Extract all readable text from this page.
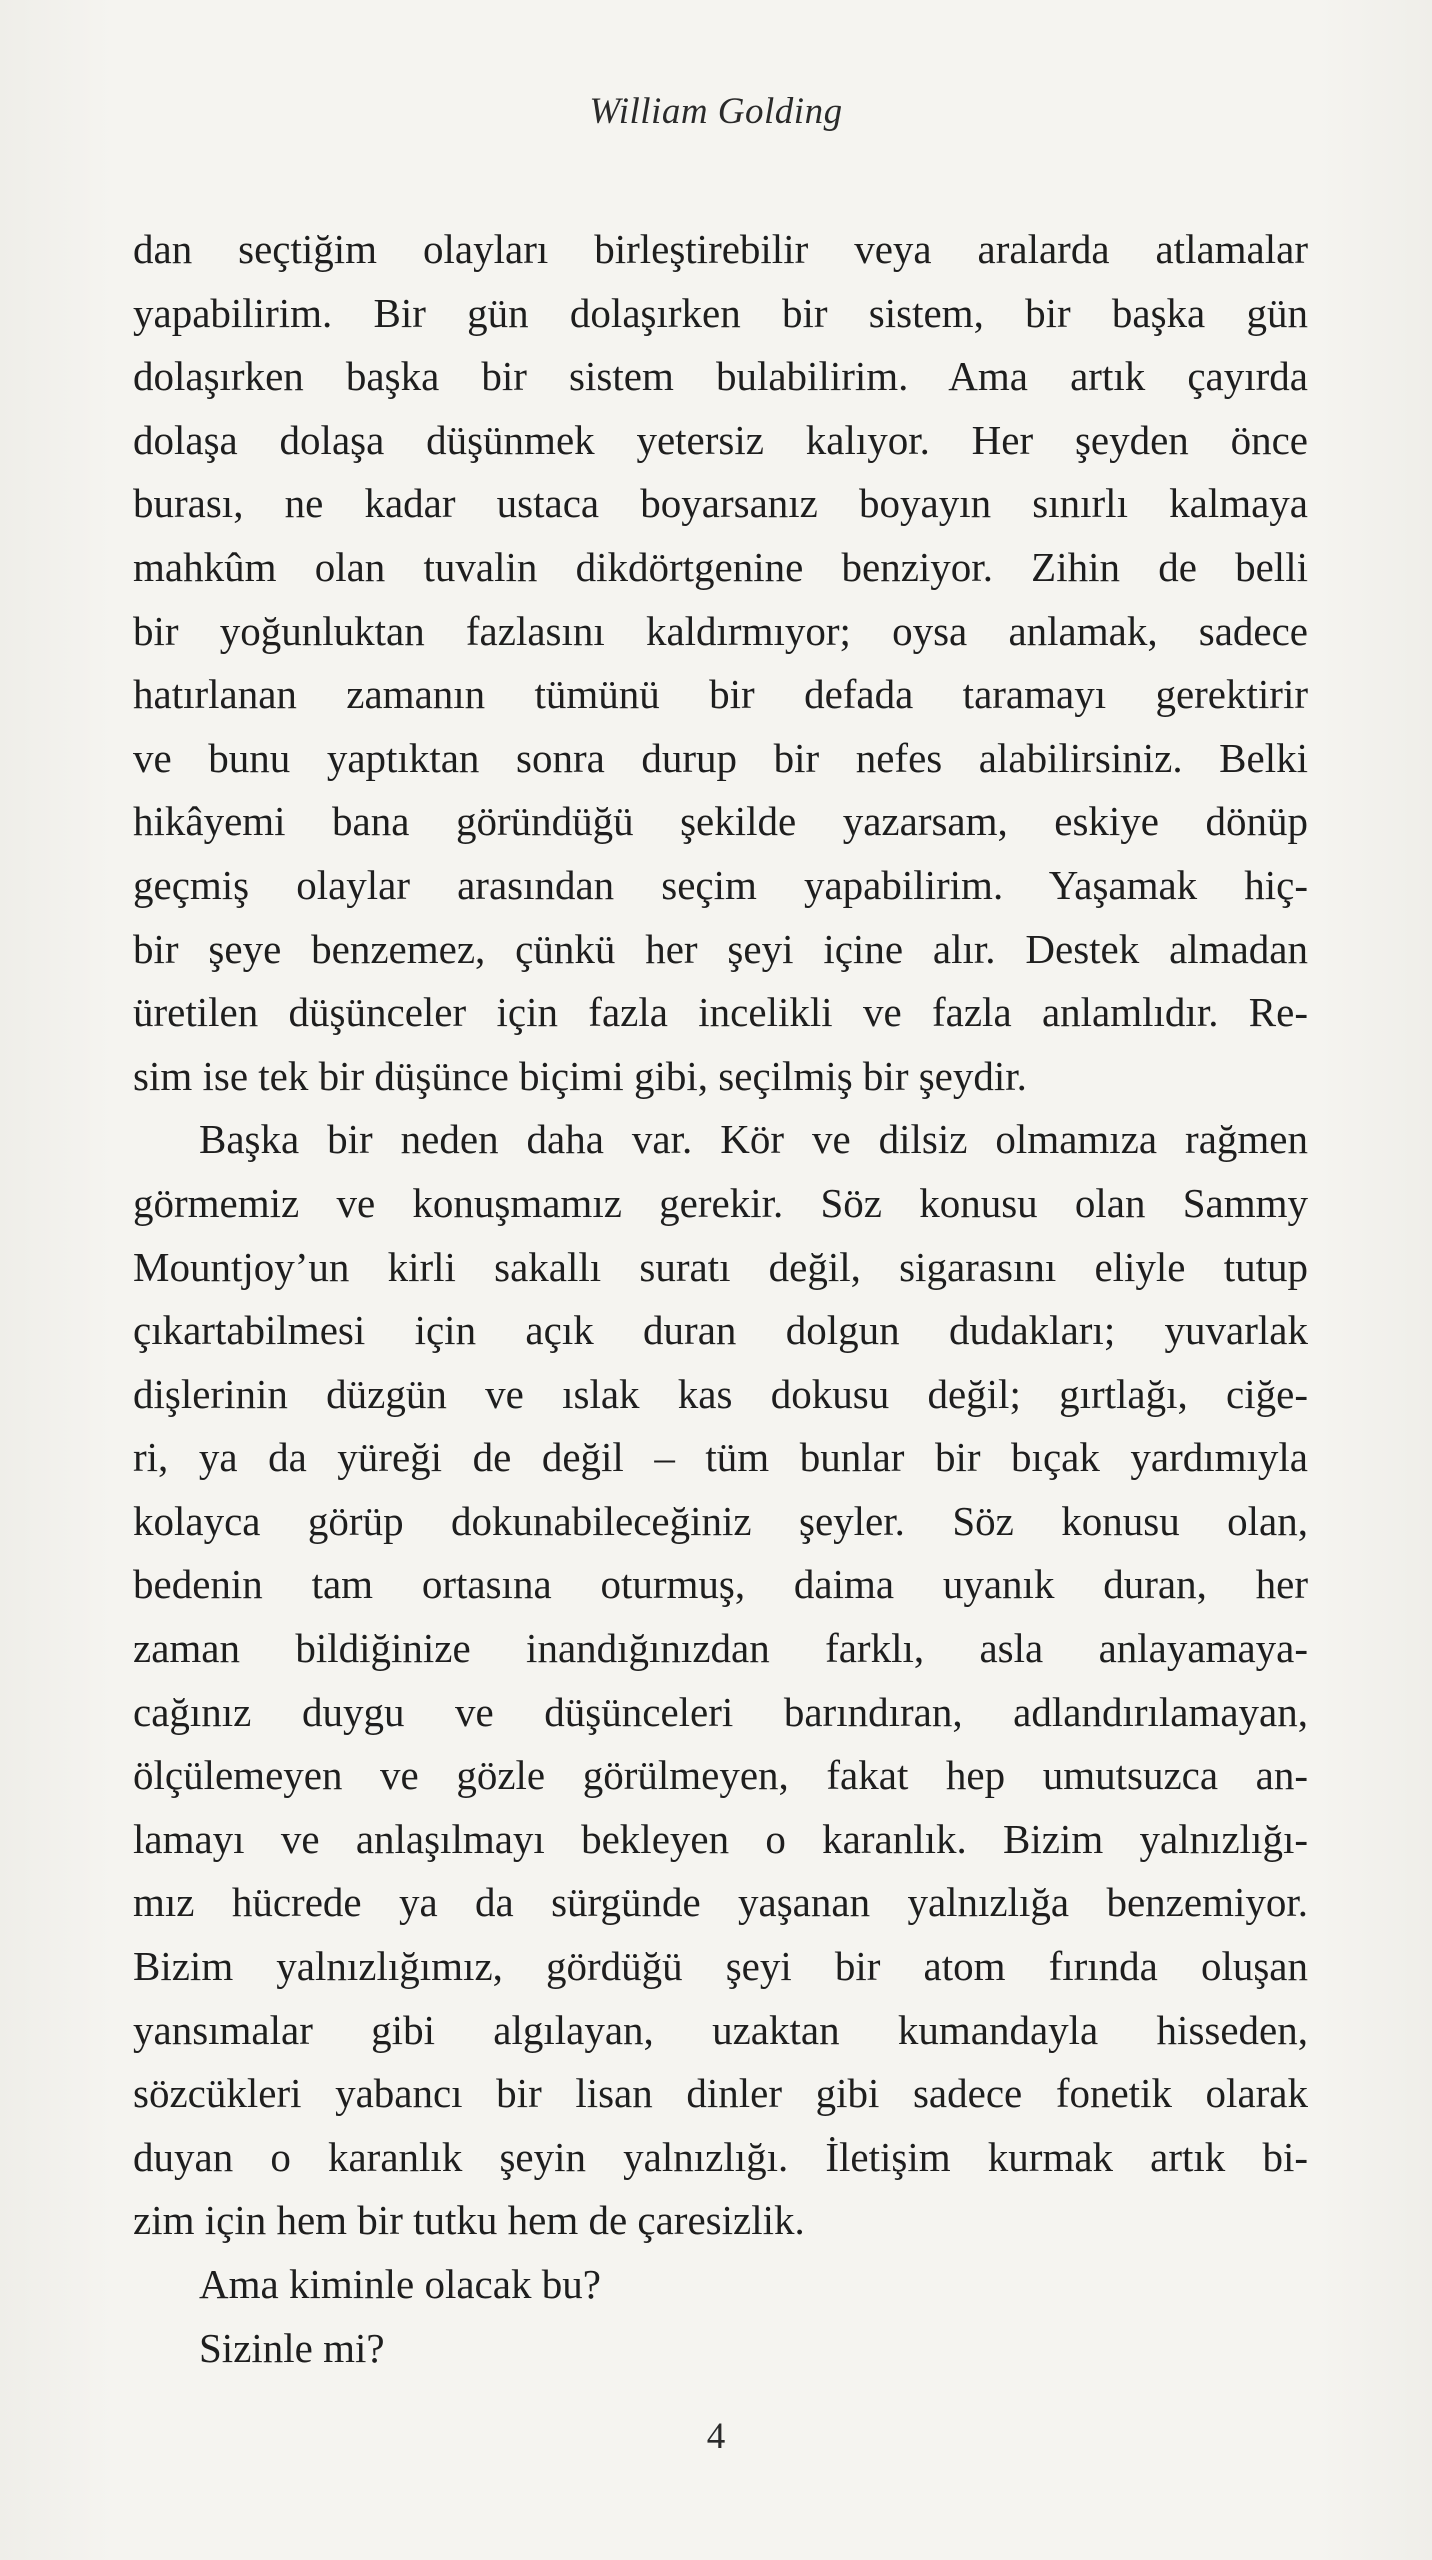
William Golding
dan seçtiğim olayları birleştirebilir veya aralarda atlamalar
yapabilirim. Bir gün dolaşırken bir sistem, bir başka gün
dolaşırken başka bir sistem bulabilirim. Ama artık çayırda
dolaşa dolaşa düşünmek yetersiz kalıyor. Her şeyden önce
burası, ne kadar ustaca boyarsanız boyayın sınırlı kalmaya
mahkûm olan tuvalin dikdörtgenine benziyor. Zihin de belli
bir yoğunluktan fazlasını kaldırmıyor; oysa anlamak, sadece
hatırlanan zamanın tümünü bir defada taramayı gerektirir
ve bunu yaptıktan sonra durup bir nefes alabilirsiniz. Belki
hikâyemi bana göründüğü şekilde yazarsam, eskiye dönüp
geçmiş olaylar arasından seçim yapabilirim. Yaşamak hiç-
bir şeye benzemez, çünkü her şeyi içine alır. Destek almadan
üretilen düşünceler için fazla incelikli ve fazla anlamlıdır. Re-
sim ise tek bir düşünce biçimi gibi, seçilmiş bir şeydir.
Başka bir neden daha var. Kör ve dilsiz olmamıza rağmen
görmemiz ve konuşmamız gerekir. Söz konusu olan Sammy
Mountjoy’un kirli sakallı suratı değil, sigarasını eliyle tutup
çıkartabilmesi için açık duran dolgun dudakları; yuvarlak
dişlerinin düzgün ve ıslak kas dokusu değil; gırtlağı, ciğe-
ri, ya da yüreği de değil – tüm bunlar bir bıçak yardımıyla
kolayca görüp dokunabileceğiniz şeyler. Söz konusu olan,
bedenin tam ortasına oturmuş, daima uyanık duran, her
zaman bildiğinize inandığınızdan farklı, asla anlayamaya-
cağınız duygu ve düşünceleri barındıran, adlandırılamayan,
ölçülemeyen ve gözle görülmeyen, fakat hep umutsuzca an-
lamayı ve anlaşılmayı bekleyen o karanlık. Bizim yalnızlığı-
mız hücrede ya da sürgünde yaşanan yalnızlığa benzemiyor.
Bizim yalnızlığımız, gördüğü şeyi bir atom fırında oluşan
yansımalar gibi algılayan, uzaktan kumandayla hisseden,
sözcükleri yabancı bir lisan dinler gibi sadece fonetik olarak
duyan o karanlık şeyin yalnızlığı. İletişim kurmak artık bi-
zim için hem bir tutku hem de çaresizlik.
Ama kiminle olacak bu?
Sizinle mi?
4
